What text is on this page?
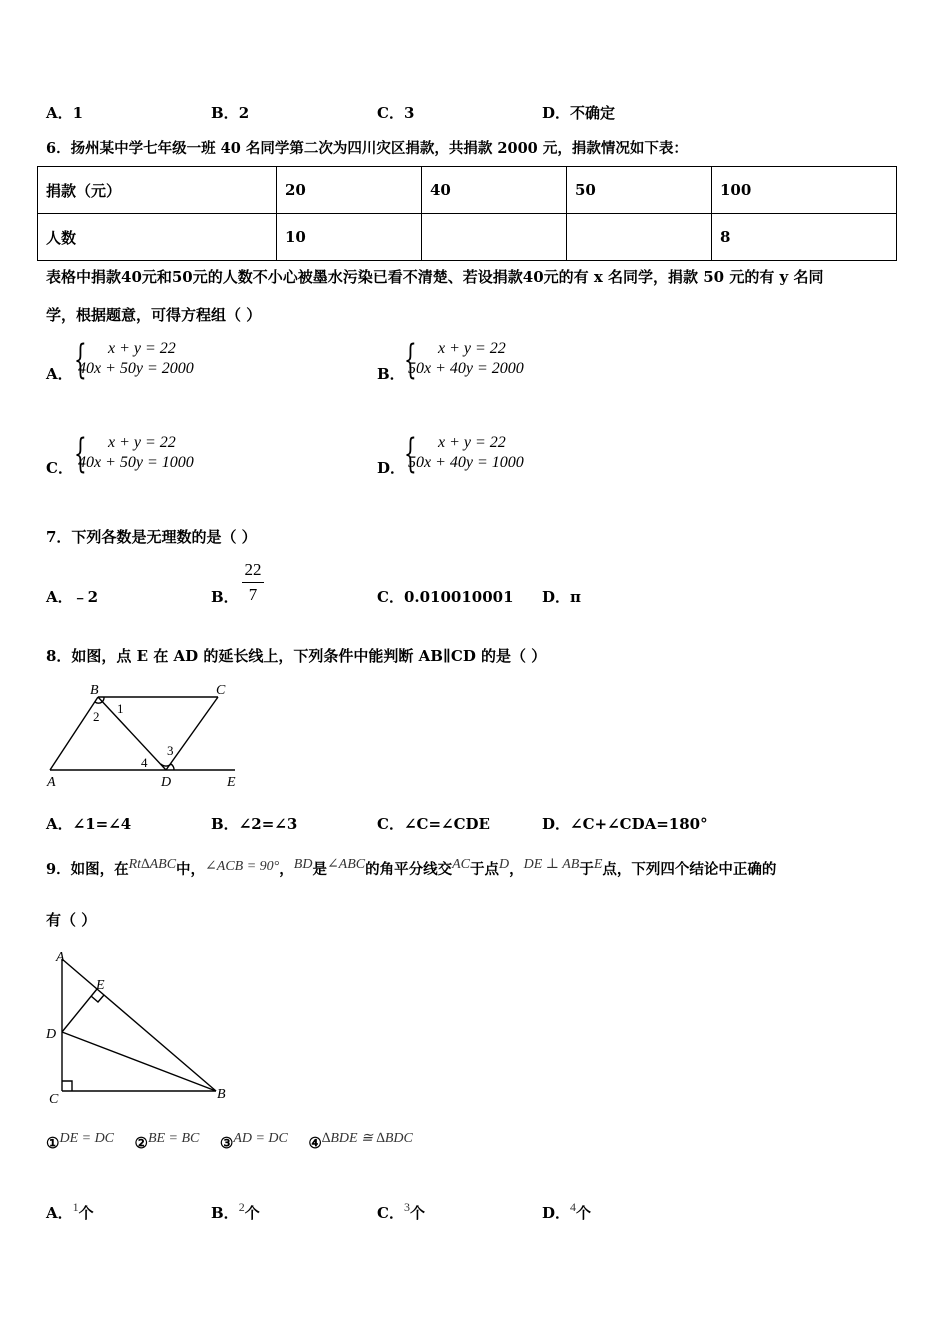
A．1	B．2	C．3	D．不确定
6．扬州某中学七年级一班 40 名同学第二次为四川灾区捐款，共捐款 2000 元，捐款情况如下表：
捐款（元）	20	40	50	100
人数	10			8
表格中捐款40元和50元的人数不小心被墨水污染已看不清楚、若设捐款40元的有 x 名同学，捐款 50 元的有 y 名同
学，根据题意，可得方程组（ ）
A． { x + y = 22
40x + 50y = 2000	B． { x + y = 22
50x + 40y = 2000
C． { x + y = 22
40x + 50y = 1000	D．
{ x + y = 22
50x + 40y = 1000
7．下列各数是无理数的是（ ）
A．﹣2	B．
22
7	C．0.010010001 D．π
8．如图，点 E 在 AD 的延长线上，下列条件中能判断 AB∥CD 的是（ ）
B	C
A	D	E
1
2
3
4
A．∠1=∠4	B．∠2=∠3	C．∠C=∠CDE	D．∠C+∠CDA=180°
9．如图，在Rt∆ABC中，∠ACB = 90°，BD是∠ABC的角平分线交AC于点D，DE ⊥ AB于E点，下列四个结论中正确的
有（ ）
A
E
D
C	B
①DE = DC ②BE = BC ③AD = DC ④∆BDE ≅ ∆BDC
A．$^1$个	B．$^2$个	C．$^3$个	D．$^4$个
